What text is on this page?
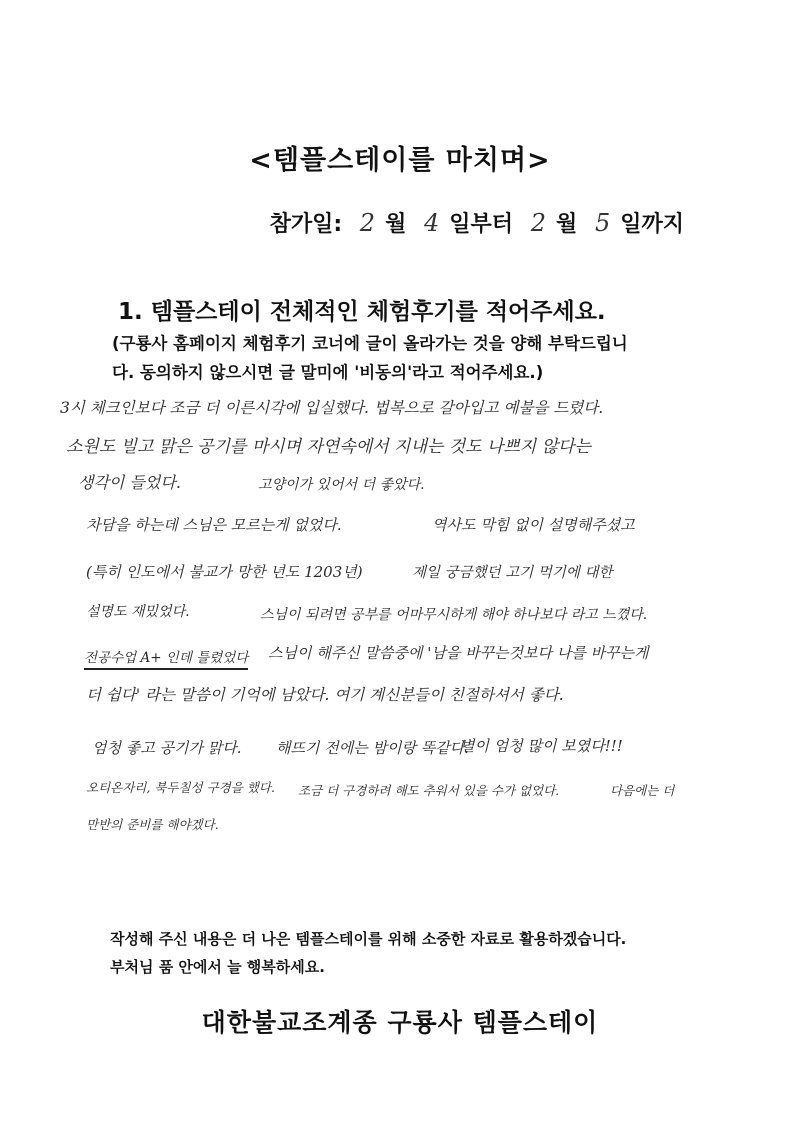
<템플스테이를 마치며>
참가일: 2 월 4 일부터 2 월 5 일까지
1. 템플스테이 전체적인 체험후기를 적어주세요.
(구룡사 홈페이지 체험후기 코너에 글이 올라가는 것을 양해 부탁드립니
다. 동의하지 않으시면 글 말미에 '비동의'라고 적어주세요.)
3시 체크인보다 조금 더 이른시각에 입실했다. 법복으로 갈아입고 예불을 드렸다.
소원도 빌고 맑은 공기를 마시며 자연속에서 지내는 것도 나쁘지 않다는
생각이 들었다.	고양이가 있어서 더 좋았다.
차담을 하는데 스님은 모르는게 없었다.	역사도 막힘 없이 설명해주셨고
(특히 인도에서 불교가 망한 년도 1203년)	제일 궁금했던 고기 먹기에 대한
설명도 재밌었다.	스님이 되려면 공부를 어마무시하게 해야 하나보다 라고 느꼈다.
전공수업 A+ 인데 틀렸었다 스님이 해주신 말씀중에 '남을 바꾸는것보다 나를 바꾸는게
더 쉽다' 라는 말씀이 기억에 남았다. 여기 계신분들이 친절하셔서 좋다.
엄청 좋고 공기가 맑다. 해뜨기 전에는 밤이랑 똑같다.
별이 엄청 많이 보였다!!!
오티온자리, 북두칠성 구경을 했다. 조금 더 구경하려 해도 추워서 있을 수가 없었다.	다음에는 더
만반의 준비를 해야겠다.
작성해 주신 내용은 더 나은 템플스테이를 위해 소중한 자료로 활용하겠습니다.
부처님 품 안에서 늘 행복하세요.
대한불교조계종 구룡사 템플스테이
